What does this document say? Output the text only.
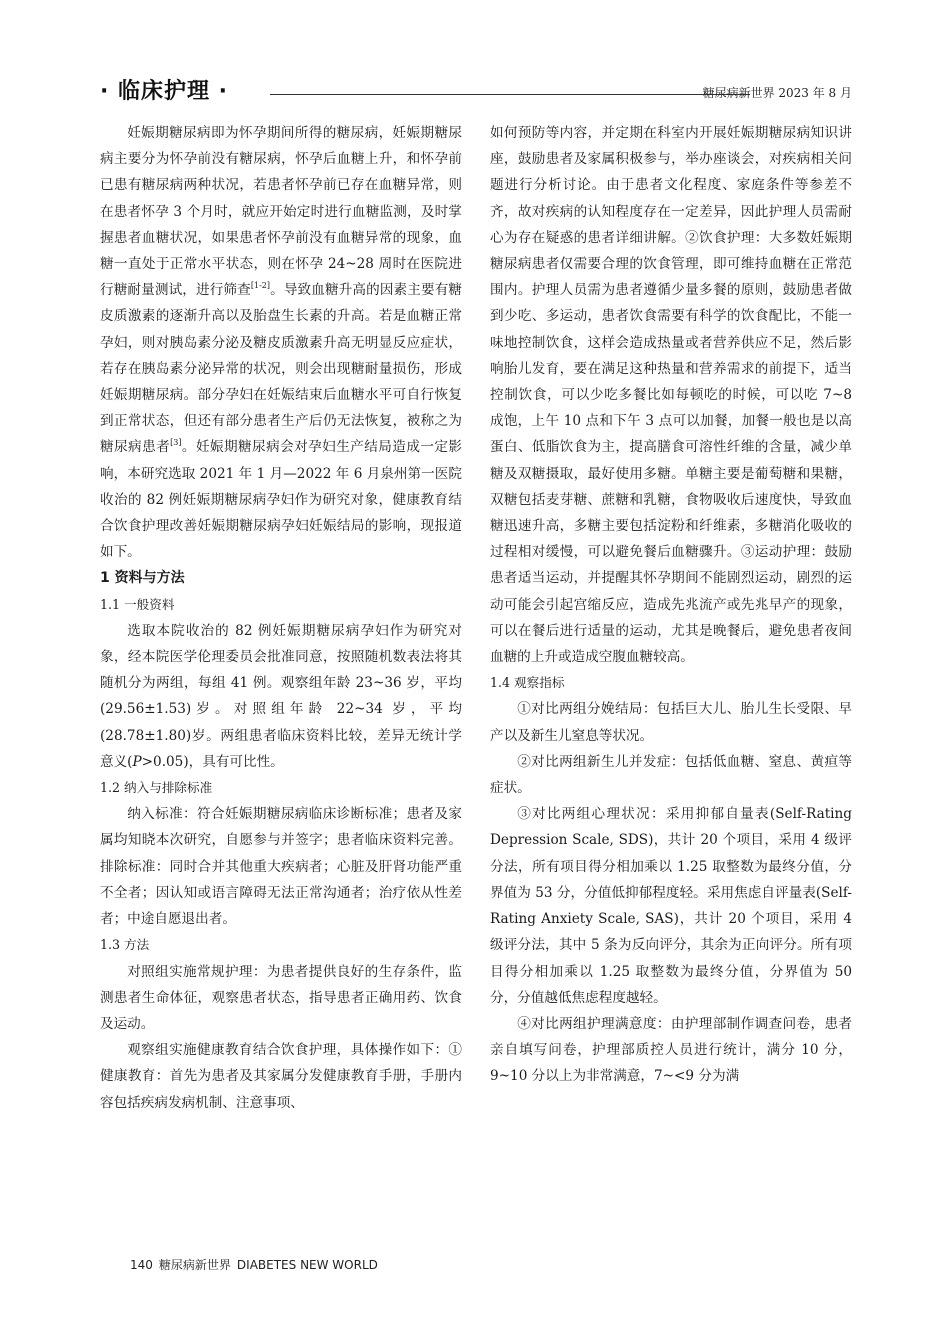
· 临床护理 ·	糖尿病新世界 2023 年 8 月

妊娠期糖尿病即为怀孕期间所得的糖尿病，妊娠期糖尿病主要分为怀孕前没有糖尿病，怀孕后血糖上升，和怀孕前已患有糖尿病两种状况，若患者怀孕前已存在血糖异常，则在患者怀孕 3 个月时，就应开始定时进行血糖监测，及时掌握患者血糖状况，如果患者怀孕前没有血糖异常的现象，血糖一直处于正常水平状态，则在怀孕 24~28 周时在医院进行糖耐量测试，进行筛查[1-2]。导致血糖升高的因素主要有糖皮质激素的逐渐升高以及胎盘生长素的升高。若是血糖正常孕妇，则对胰岛素分泌及糖皮质激素升高无明显反应症状，若存在胰岛素分泌异常的状况，则会出现糖耐量损伤，形成妊娠期糖尿病。部分孕妇在妊娠结束后血糖水平可自行恢复到正常状态，但还有部分患者生产后仍无法恢复，被称之为糖尿病患者[3]。妊娠期糖尿病会对孕妇生产结局造成一定影响，本研究选取 2021 年 1 月—2022 年 6 月泉州第一医院收治的 82 例妊娠期糖尿病孕妇作为研究对象，健康教育结合饮食护理改善妊娠期糖尿病孕妇妊娠结局的影响，现报道如下。

1 资料与方法
1.1 一般资料

选取本院收治的 82 例妊娠期糖尿病孕妇作为研究对象，经本院医学伦理委员会批准同意，按照随机数表法将其随机分为两组，每组 41 例。观察组年龄 23~36 岁，平均(29.56±1.53)岁。对照组年龄 22~34 岁，平均(28.78±1.80)岁。两组患者临床资料比较，差异无统计学意义(P>0.05)，具有可比性。

1.2 纳入与排除标准

纳入标准：符合妊娠期糖尿病临床诊断标准；患者及家属均知晓本次研究，自愿参与并签字；患者临床资料完善。排除标准：同时合并其他重大疾病者；心脏及肝肾功能严重不全者；因认知或语言障碍无法正常沟通者；治疗依从性差者；中途自愿退出者。

1.3 方法

对照组实施常规护理：为患者提供良好的生存条件，监测患者生命体征，观察患者状态，指导患者正确用药、饮食及运动。

观察组实施健康教育结合饮食护理，具体操作如下：①健康教育：首先为患者及其家属分发健康教育手册，手册内容包括疾病发病机制、注意事项、

如何预防等内容，并定期在科室内开展妊娠期糖尿病知识讲座，鼓励患者及家属积极参与，举办座谈会，对疾病相关问题进行分析讨论。由于患者文化程度、家庭条件等参差不齐，故对疾病的认知程度存在一定差异，因此护理人员需耐心为存在疑惑的患者详细讲解。②饮食护理：大多数妊娠期糖尿病患者仅需要合理的饮食管理，即可维持血糖在正常范围内。护理人员需为患者遵循少量多餐的原则，鼓励患者做到少吃、多运动，患者饮食需要有科学的饮食配比，不能一味地控制饮食，这样会造成热量或者营养供应不足，然后影响胎儿发育，要在满足这种热量和营养需求的前提下，适当控制饮食，可以少吃多餐比如每顿吃的时候，可以吃 7~8 成饱，上午 10 点和下午 3 点可以加餐，加餐一般也是以高蛋白、低脂饮食为主，提高膳食可溶性纤维的含量，减少单糖及双糖摄取，最好使用多糖。单糖主要是葡萄糖和果糖，双糖包括麦芽糖、蔗糖和乳糖，食物吸收后速度快，导致血糖迅速升高，多糖主要包括淀粉和纤维素，多糖消化吸收的过程相对缓慢，可以避免餐后血糖骤升。③运动护理：鼓励患者适当运动，并提醒其怀孕期间不能剧烈运动，剧烈的运动可能会引起宫缩反应，造成先兆流产或先兆早产的现象，可以在餐后进行适量的运动，尤其是晚餐后，避免患者夜间血糖的上升或造成空腹血糖较高。

1.4 观察指标

①对比两组分娩结局：包括巨大儿、胎儿生长受限、早产以及新生儿窒息等状况。

②对比两组新生儿并发症：包括低血糖、窒息、黄疸等症状。

③对比两组心理状况：采用抑郁自量表(Self-Rating Depression Scale, SDS)，共计 20 个项目，采用 4 级评分法，所有项目得分相加乘以 1.25 取整数为最终分值，分界值为 53 分，分值低抑郁程度轻。采用焦虑自评量表(Self-Rating Anxiety Scale, SAS)，共计 20 个项目，采用 4 级评分法，其中 5 条为反向评分，其余为正向评分。所有项目得分相加乘以 1.25 取整数为最终分值，分界值为 50 分，分值越低焦虑程度越轻。

④对比两组护理满意度：由护理部制作调查问卷，患者亲自填写问卷，护理部质控人员进行统计，满分 10 分，9~10 分以上为非常满意，7~<9 分为满

140 糖尿病新世界 DIABETES NEW WORLD
